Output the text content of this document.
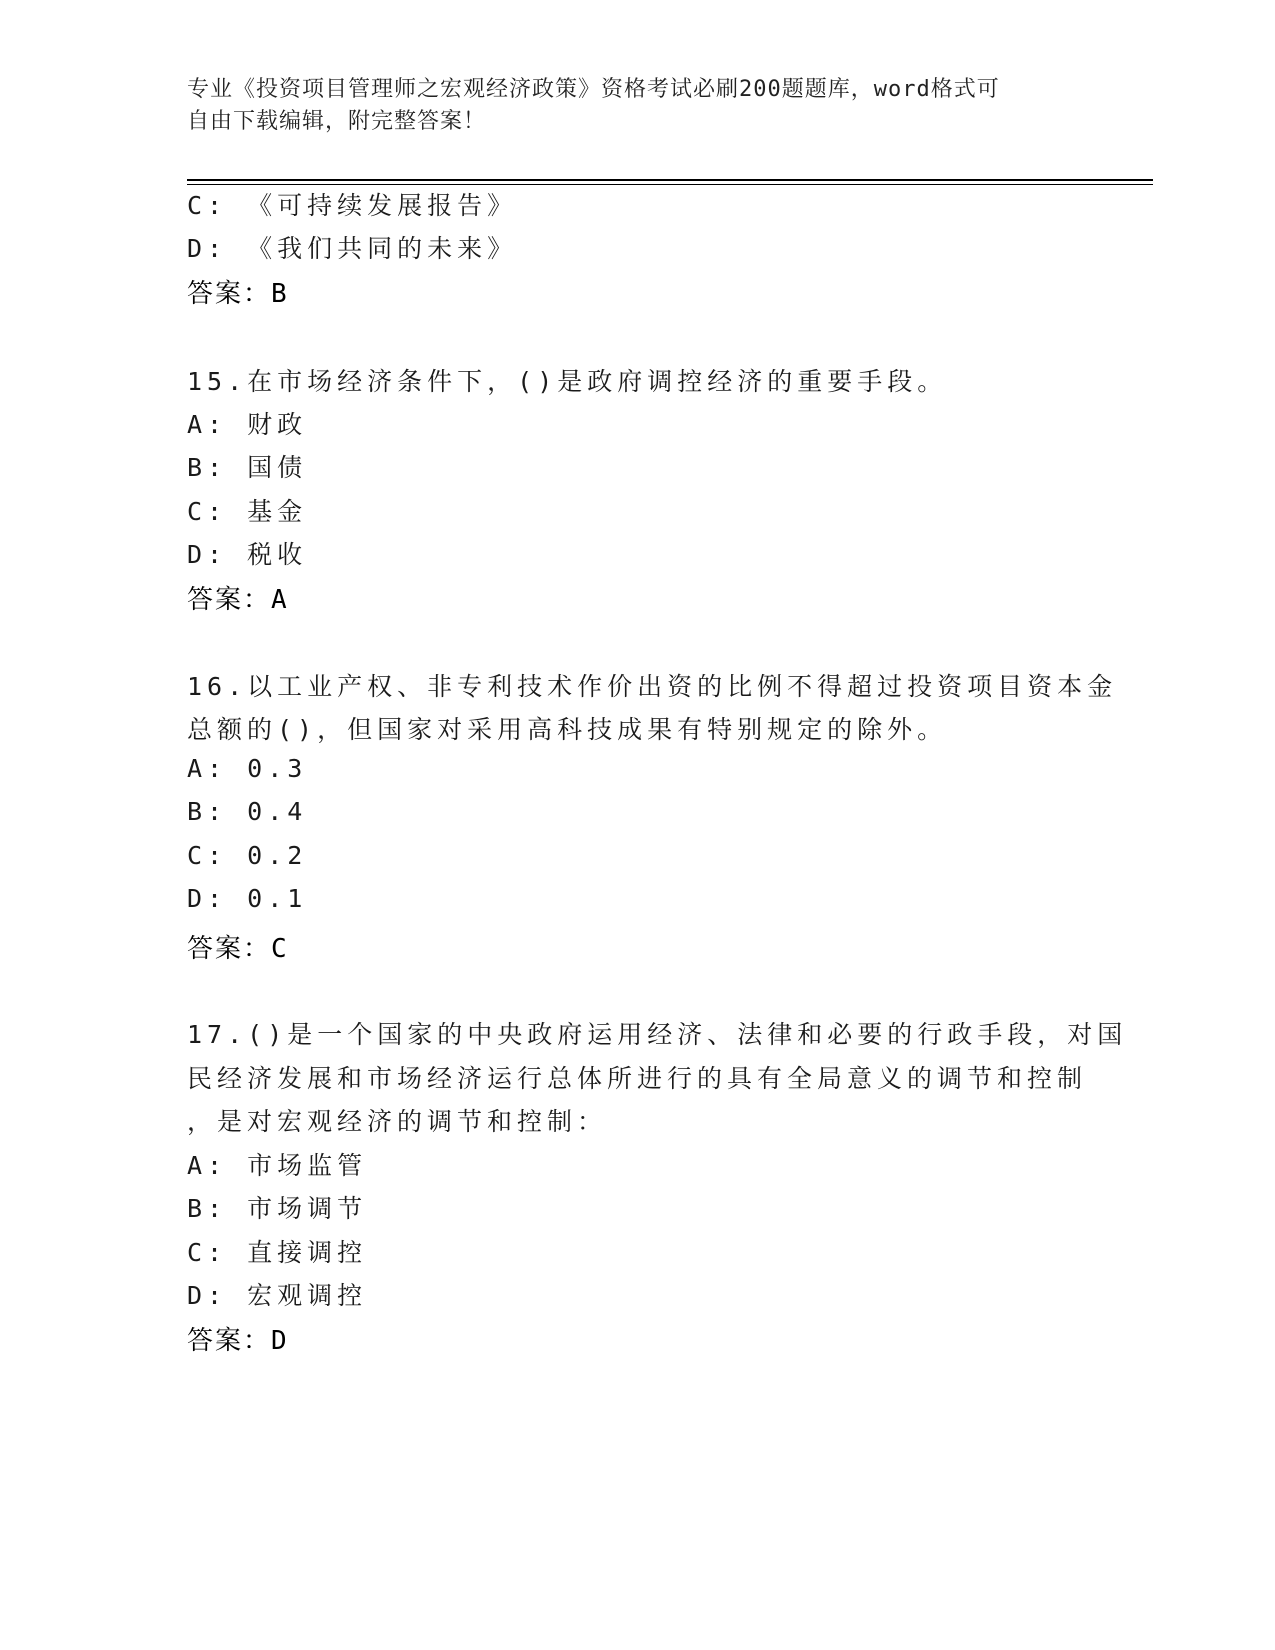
专业《投资项目管理师之宏观经济政策》资格考试必刷200题题库，word格式可
自由下载编辑，附完整答案！
C: 《可持续发展报告》
D: 《我们共同的未来》
答案：B
15.在市场经济条件下，()是政府调控经济的重要手段。
A: 财政
B: 国债
C: 基金
D: 税收
答案：A
16.以工业产权、非专利技术作价出资的比例不得超过投资项目资本金
总额的()，但国家对采用高科技成果有特别规定的除外。
A: 0.3
B: 0.4
C: 0.2
D: 0.1
答案：C
17.()是一个国家的中央政府运用经济、法律和必要的行政手段，对国
民经济发展和市场经济运行总体所进行的具有全局意义的调节和控制
，是对宏观经济的调节和控制：
A: 市场监管
B: 市场调节
C: 直接调控
D: 宏观调控
答案：D
